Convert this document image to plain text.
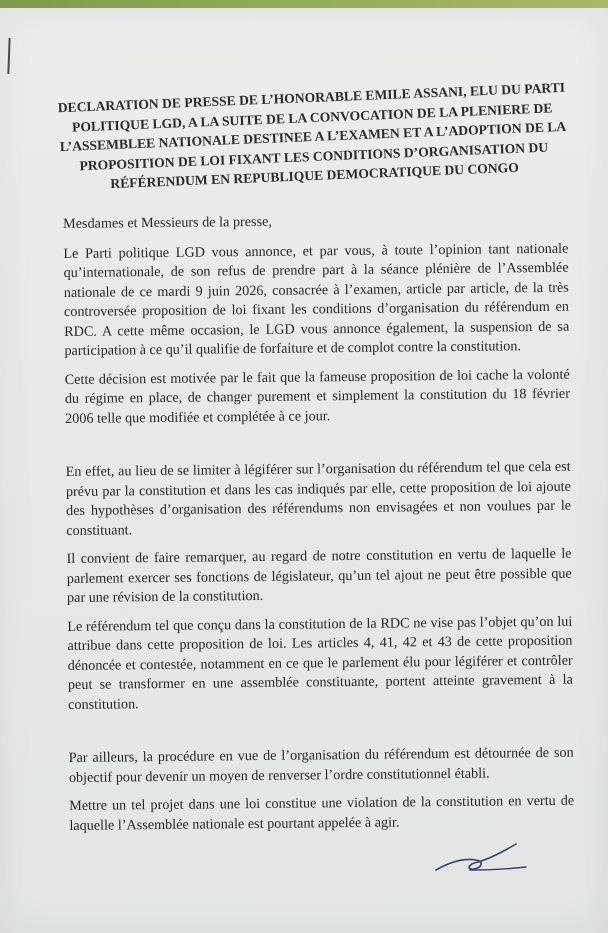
DECLARATION DE PRESSE DE L’HONORABLE EMILE ASSANI, ELU DU PARTI POLITIQUE LGD, A LA SUITE DE LA CONVOCATION DE LA PLENIERE DE L’ASSEMBLEE NATIONALE DESTINEE A L’EXAMEN ET A L’ADOPTION DE LA PROPOSITION DE LOI FIXANT LES CONDITIONS D’ORGANISATION DU RÉFÉRENDUM EN REPUBLIQUE DEMOCRATIQUE DU CONGO

Mesdames et Messieurs de la presse,

Le Parti politique LGD vous annonce, et par vous, à toute l’opinion tant nationale qu’internationale, de son refus de prendre part à la séance plénière de l’Assemblée nationale de ce mardi 9 juin 2026, consacrée à l’examen, article par article, de la très controversée proposition de loi fixant les conditions d’organisation du référendum en RDC. A cette même occasion, le LGD vous annonce également, la suspension de sa participation à ce qu’il qualifie de forfaiture et de complot contre la constitution.

Cette décision est motivée par le fait que la fameuse proposition de loi cache la volonté du régime en place, de changer purement et simplement la constitution du 18 février 2006 telle que modifiée et complétée à ce jour.

En effet, au lieu de se limiter à légiférer sur l’organisation du référendum tel que cela est prévu par la constitution et dans les cas indiqués par elle, cette proposition de loi ajoute des hypothèses d’organisation des référendums non envisagées et non voulues par le constituant.

Il convient de faire remarquer, au regard de notre constitution en vertu de laquelle le parlement exercer ses fonctions de législateur, qu’un tel ajout ne peut être possible que par une révision de la constitution.

Le référendum tel que conçu dans la constitution de la RDC ne vise pas l’objet qu’on lui attribue dans cette proposition de loi. Les articles 4, 41, 42 et 43 de cette proposition dénoncée et contestée, notamment en ce que le parlement élu pour légiférer et contrôler peut se transformer en une assemblée constituante, portent atteinte gravement à la constitution.

Par ailleurs, la procédure en vue de l’organisation du référendum est détournée de son objectif pour devenir un moyen de renverser l’ordre constitutionnel établi.

Mettre un tel projet dans une loi constitue une violation de la constitution en vertu de laquelle l’Assemblée nationale est pourtant appelée à agir.
